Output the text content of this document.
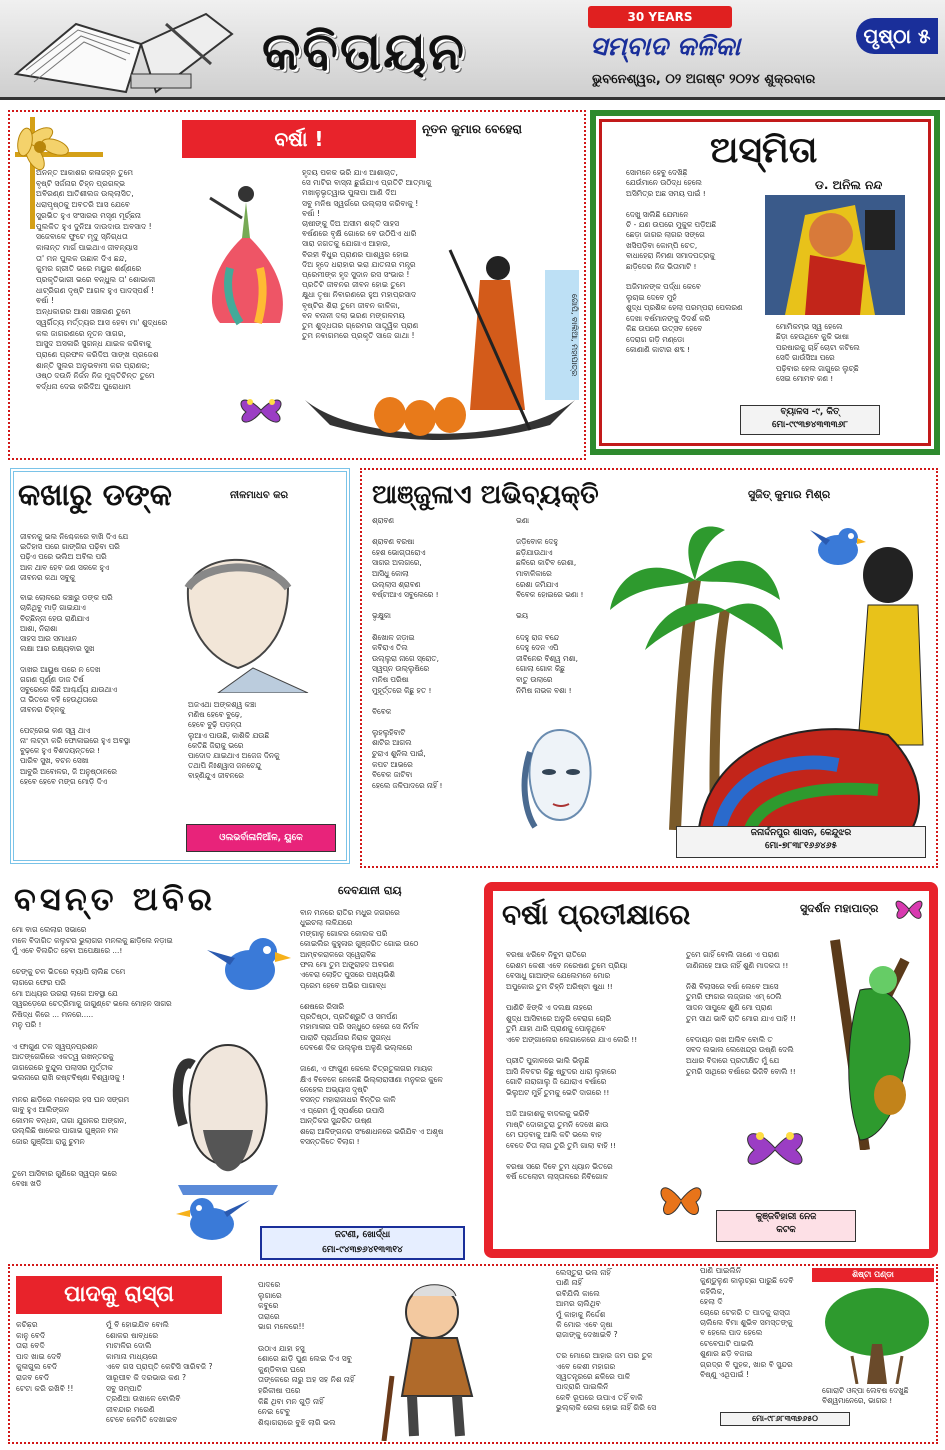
କବିତାୟନ
30 YEARS
ସମ୍ବାଦ କଳିକା	ପୃଷ୍ଠା ୫
ଭୁବନେଶ୍ୱର, ୦୨ ଅଗଷ୍ଟ ୨୦୨୪ ଶୁକ୍ରବାର
ବର୍ଷା !	ନୂତନ କୁମାର ବେହେରା
ଅନନ୍ତ ଆକାଶର କଳାଜହ୍ନ ତୁମେ
ବୃଷ୍ଟି ସର୍ଜନାର ଚିହ୍ନ ପ୍ରଗଳ୍ଭ
ଅବିରଣ୍ଣ ଆତିଶୀଲଜ ଉଲ୍ଲାସିତ,
ଧରାପୃଷ୍ଠକୁ ଅବତରି ଆସ ଯେବେ
ସୁରଭିତ ହୁଏ ସଂସାରର ମସୃଣ ମୂର୍ଚ୍ଛନା
ପୁଲକିତ ହୁଏ ଦୁନିଆ ଦାଉଦାଉ ଅବସାଦ !
ସଜେବାଳେ ଫୁଟେ ମୃଦୁ ସ୍ନିଗ୍ଧତା
କାଳାନ୍ତ ମାର୍ଗ ପାଇଥାଏ ଜୀବନ୍ୟାସ
ତା' ମନ ପୁଲକ ଉଛାଳ ଦିଏ ଛନ୍ଦ,
କୁମର ଗ୍ରୀତି ଭରେ ମୟୁର ଶର୍ଣ୍ଣରେ
ପ୍ରକୃତିଭାରୀ ଭରେ ବନ୍ଧୁଲ ତା' ଶୋଭାକୀ
ଧାଟ୍ରିଗଣ ଦୃଷ୍ଟି ଆଗଳ ହୁଏ ପାଦସ୍ପର୍ଶ !
ଵର୍ଷା !
ଅନ୍ଧକାରର ଆଶା ସଞ୍ଚାରଣ ତୁମେ
ସ୍ୱର୍ଗିତ୍ୟ ମର୍ତ୍ତ୍ୟର ଆସ ହେବା ମା' ଶୁଦ୍ଧରେ
କଲ ଜାଗରଣରେ ନୂତନ ସାଗର,
ଆସୁଦ ଅସଳାରି ସୁଗନ୍ଧ ଯାଇକ କରିବାକୁ
ପ୍ରାଣେ ପ୍ରଫଳ କରିଦିଅ ସାଙ୍ଖ ପ୍ରଜେଶ
ଶାନ୍ତି ସୁଲର ଅନୁଭବାମୀ କର ପ୍ରାଣର;
ଓଷ୍ଠ ଦଉନି ନିର୍ଜନ ନିଜ ମୁକ୍ତିଚିନ୍ତ ତୁମେ
ବର୍ଦ୍ଧନା ଦେଇ କରିଦିଅ ପୁରୋଧାମ
ହୃଦୟ ପଳକ ଭରି ଯାଏ ଆଶାଚାତ,
ସେ ମାଟିର ବାସ୍ନା ଛୁଇଁଯାଏ ପ୍ରତିଟି ଆତ୍ମାକୁ
ମଖାଳୁଭୃତ୍ୱାଭ ପୁଳାପା ଆଣି ଦିଅ
ସବୁ ମନିଷ ସ୍ୱର୍ଗରେ ଉଲ୍ଲାସ କରିବାକୁ !
ବର୍ଷା !
ଚାଷୀଙ୍କୁ ଦିଅ ଅସୀମ ଶକ୍ତି ସାହସ
ଵର୍ଷଣରେ ବୃକ୍ଷି ଗୋରେ ବେ ଉଠିପିଏ ଧାରି
ସାରା ଜଗତକୁ ଯୋଗାଏ ଆହାର,
ବିରହୀ ବିଧୁର ପ୍ରାଣର ପାଶ୍ୱର ହୋଇ
ଦିଅ ହୃଦେ ଧରାହାର ଭରା ଯାତନାର ମନ୍ତ୍ର
ପ୍ରେମୀଙ୍କ ହୃଦ ସୁଦାନ ରସ ସଂଭାର !
ପ୍ରତିଟି ଜୀବନର ଜୀବନ ହୋଇ ତୁମେ
କ୍ଷୁଧା ତୃଷା ନିବାରଣରେ ହୁଅ ମହାପ୍ରସାଦ
ବୃଷ୍ଟିର ଶିରା ତୁମେ ଜୀବନ କାଳିକା,
ବନ ବନାନୀ ଦଲା ଭରଣ ମଙ୍ଗଳମୟ
ତୁମ ଶୁଦ୍ଧତାର ଗ୍ରେମର ସାତ୍ତ୍ୱିକ ପ୍ରାଣ
ତୁମ ନବାଗମରେ ପ୍ରକୃତି ସାଜେ ଗାଥା !	ଗୋପି, ବାଲିଆ, ମହାପାତ୍ର
ଅସ୍ମିତା
ଡ. ଅନିଲ ନନ୍ଦ
ସୋମନେ ହେବୁ ଦେଖିଛ଼ି
ଯେଉଁମାନେ ଉଠିଦ୍ଧ ହେଲେ
ଅସିମିତ୍ର ଅଛ ସମୟ ପାଇଁ !

ଦେଖୁ ସାଲିଛି ଯେମାନେ
ଚି - ଯଣ ଉପରେ ମୁକୁଳ ପଡ଼ିଅଛି
ଛେଡ଼ା ଜାଗର ଲାଗର ସଙ୍ଗେ
ଖସିପଡ଼ିବା କୋମ୍ପି ଚେତ,
ବାଧାହେରା ନିମଣା ସମାଦପତ୍ରକୁ
ଛାଡ଼ିଦେର ନିଜ ଭିତାମାଟି !

ଅଜିମାନଙ୍କ ପର୍ଦ୍ଧା କେବେ
ଲୁଚାଇ ଦେବେ ମୁହଁ
ଶୁଦ୍ଧ ପ୍ରଶିକ ହେଲା ପରମ୍ପରା ପେଲରଣ
ଦେଖା ବର୍ଷମାନଙ୍କୁ ଦିଦର୍ଶ କରି
କିଛ ଉପରେ ଉତ୍ସବ ହେବେ
ଦେରାଗ ଗଡ଼ି ମଣ୍ଡୋ
କୋଣାଣି କାଟାର ଶବ୍ଦ !
ମୋମିକମ୍ଭ ସ୍ୱ ହେଲେ
ଛିଡ଼ା ହେଉଥିବେ କୁକି ଭାଷା
ପରଷାରକୁ ଚାହିଁ ଚୋଟା କଟିଲେ
ସେଦି ଗାଉଁସିଆ ପରେ
ପଢ଼ିବାର ହେଲ ଜାଗୁରେ ଲୁଚ୍ଛି
ସେଇ ମୋମବ କଣ !
ବ୍ୟାଳସ -୯, କିତ୍
ମୋ-୯୯୩୭୪୩୩୩୬୮
କଖାରୁ ଡଙ୍କ	ନୀଳମାଧବ କର
ଜୀବନକୁ ଭଲ ନିଶ୍ଚେକରେ ବାଖି ଦିଏ ଯେ
ଇତିହାସ ପରେ ଗାଙ୍ଗିର ପଢ଼ିବା ପରି
ପଢ଼ିଏ ପରେ ଭଲିଅ ଅବିଲ ପରି
ଆଳ ଥାବ ହେବ ଜଣ ସକଳେ ହୁଏ
ଜୀବନର କଥା ସବୁକୁ

ବାଇ ଲୋଳରେ କଞ୍ଚାରୁ ଡଙ୍କ ପରି
ଚାକିଥିବୁ ମାଡ଼ି ଗାଇଯାଏ
ବିଚ୍ଛିନ୍ନା ହେଉ ରାଣିଯାଏ
ଆଶା, ନିରାଶା
ସାହସ ଆର ସମାଧାନ
ଲକ୍ଷା ଆର ରକ୍ଷ୍ୟବାର ସୁଖ

ଦାଖର ଆୟୁଷ ପରେ ନ ଦେଖ
ଗଗଣ ପୂର୍ଣ୍ଣ ଡାଜ ତିର୍ଷ
ସବୁରେକେ କିଛି ଆଶ୍ଚର୍ଯ୍ୟ ଯାଉଥାଏ
ତା ଭିତରେ ବହି ହେଉଥିତାରେ
ଜୀବନର ଚିହ୍ନକୁ

ପେଟ୍ରେଭ କଣ ସ୍ୱ ଥାଏ
ନା' ଲଟ୍ଟା କରି ଫୋଳାଇରେ ହୁଏ ଅବସ୍ଥା
ବୁଢ଼ଳେ ହୁଏ ବିଶଦୟନ୍ତରେ !
ପାରିବ ସୁଖ, ବଚନ ସେଖା
ଆବୁରି ଅବୋଳର, ଜି ଅନୁଷ୍ଠାନରେ
ହେବେ ହେବେ ମଙ୍ଗ ମୋଡ଼ି ଦିଏ
ଅଜଏଥା ଅଙ୍କଶ୍ୱ କଞ୍ଚା
ମଣିଷ ହେବେ ବୁଢ଼େ,
ହେବେ ବୁଢ଼ି ପଡ଼ନ୍ତା
ଲୁଆଏ ପାଉଛି, କାଶିକି ଯଉଛି
କେତିଛି ଜିରାକୁ ଭରେ
ପାଦୋଦ ଯାଇଥାଏ ଅଜେଜ ଦିନକୁ
ତଥାପି ନିଃଶ୍ୱାସ ଜନଚେନ୍ଦୁ
ବାହ୍ଣିନ୍ଦୁଏ ଜୀବନରେ
ଓଲଭର୍ବାଳାନିଆଁଳ, ୟୁକେ
ଆଞ୍ଜୁଳାଏ ଅଭିବ୍ୟକ୍ତି	ସୁଜିତ୍ କୁମାର ମିଶ୍ର
ଶ୍ରାବଣ

ଶ୍ରାବଣ ବରଷା
ହେଶ ଭୋଗ୍ତାରୋଏ
ସାଗର ଅଲଗରେ,
ଆସିଧୁ କୋଲା
ଉଲ୍ଲାସ ଶ୍ରାବଣ
ଵର୍ଷ୍ଟାଆଏ ସବୁଲେରେ !

ଭୃକ୍ଷୁକା

ଶିଖୋଳ ଜଡ଼ାଇ
କବିରାଏ ତିଲ
ଉଲ୍ଲୁରା ନାଗେ ସ୍ରୋତ,
ସ୍ୱପ୍ନ ଉଲ୍ଲୁଷିରେ
ମନିଷ ପରିଷା
ମୁହୂର୍ତ୍ତରେ କିଛୁ ହତ !

ବିବେକ

ଲୁହଲୁହିବାଟି
ଶାଟିର ଆଗଲ
ଚୁରାଏ ଶୁନିଲ ପାଇଁ,
କପଟ ଆଭରେ
ବିବେକ ଜାଟିବା
ହେଲେ ଜଳିପାଦରେ ନାହିଁ !
ଭଣା

ଜଡ଼ିବୋଳ ଦେହୁ
ଛଡ଼ିଯାଉଥାଏ
ଛଳିରେ କାଟିବ ରେଶା,
ମାବାଳିକାରେ
ରେଶା ଜମିଯାଏ
ବିବେକ ହୋଇରେ ଭଣା !

ଭୟ

ଦେହୁ ରାଜ ବନ୍ଦେ
ଦେହୁ ଦେନ ଏପି
ଜୀବିନେର ବିଶ୍ୱ ମଶା,
ଗୋଲା ଗୋଳ କିଛୁ
ବାତୁ ଉଲାରେ
ନିମିଷ ନାଭକ ବଶା !
ଜନାର୍ଦ୍ଦନପୁର ଶାସନ, କେନ୍ଦୁଝର
ମୋ-୭୮୩୮୧୬୬୪୬୫
ବସନ୍ତ ଅବିର	ଦେବଯାନୀ ରାୟ
ମୋ ବାଗ ଲେଲାର ସଭାରେ
ମଳେ ବିଦାଗିତ କଲୁଟର ଭୁଲାଗର ମନଲକୁ ଛାଡ଼ିଲେ ନଡ଼ାଇ
ମୁଁ ଏବେ ବିଲରିତ ହେବା ଅପେକ୍ଷାରେ ...!

ଚେଙ୍କୁ ଚଳ ଭିତରେ ବ୍ୟାପି ଚାଲିଛ ତମେ
ଲାଗରେ ଫେର ପରି
ମୋ ଅଧ୍ୟର ଉରରା ଲାଗେ ଅବସ୍ଥା ଯେ
ସ୍ୱରଡ଼େରେ ଚେତ୍ରିମାକୁ ଜାଗୁଣ୍ଟେ ଭଲେ ମୋହନ ସାଗର
ନିଷିଦ୍ଧ କିରେ ... ମନରେ.....
ମନୁ ପରି !

ଏ ଫାଗୁଣ ତଳ ସ୍ୱପ୍ନପ୍ରଶନ
ଆତଙ୍ଗେରିରେ ଏକତ୍ୱ ରଖନ୍ତରକୁ
ଜାଗରେରେ ବୁନ୍ଦୁଲ ପଲାସର ମୁର୍ତ୍ତୀକ
ଭଲନାରେ ରାଖି କଷ୍ଟବିଷ୍ଣା ବିଶ୍ୱାସକୁ !

ମନର ଛାଡ଼ିରେ ମନେଚାର ହସ ଘନ ସଙ୍ଗମ
ଗାବୁ ହୁଏ ଆଲିଙ୍ଗନ
କୋମଳ ବନ୍ଧନ, ତାଗା ଯୁଗଳର ଅଙ୍ଗନ,
ଉଲ୍ଲିଛି ଷାଳେର ପାଗାଭ ଗୁଞ୍ଜନ ମନ
ଜୋର ଗୁଞ୍ଜିଆ ରାଜୁ ଚୁମନ

ତୁମେ ଆସିବାର ଗୁଣିରେ ସ୍ୱପ୍ନ ଭରେ
ବେଖା ଖଡି
ବାନ ମନରେ ରାତିର ମଧୁର ଜଗରରେ
ଧୁଇଚଲା ଲଳିଯରେ
ମଙ୍ଗାଳୁ ଗୋଳର କୋଲକ ପରି
କୋଇଲିର କୁହୁଳାର ଗୁଞ୍ଜରିତ ଗୋଇ ଉଠେ
ଆମ୍ବକରାଳରେ ସ୍ୱେରାବିଛ
ଫଲ ମୋ ତୁମ ଅଙ୍ଗ୍ରାହଦ ଅବଗଣ
ଏବେରା ଲୋହିତ ପୁସରେ ପଖ୍ୟଭିଶି
ପ୍ରେମ ହେବେ ଅଭିର ପାଗାବ୍ଧ

ଶେଷରେ ରିସାରି
ପ୍ରତିଷ୍ଠା, ପ୍ରତିଶ୍ରୁତି ଓ ସମର୍ପଣ
ମହାମାଳାର ପରି ସନ୍ଧୁଠେ ହେରେ ସେ ନିର୍ମଳ
ପାରାଚି ପ୍ରାର୍ଥନାର ନିରାକ ସୁଗନ୍ଧ
ଦେବଶେ ଦିକ ଉଲ୍ଲୁଷ ଅଳୁଣି ଭଲ୍ଲରେ

ଜାଣେ, ଏ ଫାଗୁଣ କେଲେ ଚିତ୍ରତୁଳାଗର ମାୟକ
କ୍ଷିଏ ବିବେଳେ ନେଳେଛି ଭିଲ୍ଲାରାସୀଣା ମନୁଳର କୁଳେ
ନେହେଲ ଅଭ୍ୟାସ ଦୃଷ୍ଟି
ବସନ୍ତ ମହାରାଜାଧର ବିନ୍ତିର କାଳି
ଏ ପ୍ରେମ ମୁଁ ସ୍ପର୍ଶରେ ଉପାସି
ଆନ୍ତିକର ସୁନ୍ଦରିତ ଉଷ୍ଣ
ଶରୋ ଆଳିଙ୍ଗନର ସଂଶୋଧନରେ ଭରିଯିବ ଏ ଅଶୃଷ
ବସନ୍ତକିତେ ବିଲାଗ !
ଜଟଣୀ, ଖୋର୍ଦ୍ଧା
ମୋ-୯୪୩୭୬୪୧୩୩୧୪
ବର୍ଷା ପ୍ରତୀକ୍ଷାରେ	ସୁଦର୍ଶନ ମହାପାତ୍ର
ବରଷା ଝରିବେ ନିବୁମ ରାତିରେ
ରେଶମ କେଶୀ ଏବେ ନରେଷଣ ତୁମେ ପ୍ରିୟା
ବେସାଧୁ ଗାଆଙ୍କ ଯେଲେମନେ ମୋର
ଅପୁକୋର ତୁମ ଚିହ୍ନି ଅରିଷ୍ଟା ଷୁଧା !!

ପାଣିଚି ଝିଙ୍କି ଏ ଦଲକ୍ଷ ନାହରେ
ଶୁଦ୍ଧ ଆସିବାରେ ଅନୁରି ବେରାଗ ଚୋରି
ତୁମି ଯାହା ଥାରି ପ୍ରାଣକୁ ପୋଳୁଥିବେ
ଏବେ ଅଙ୍ଗାଲେର ଲେଗାକେରେ ଯାଏ ଲେରି !!

ପ୍ରୀତି ପୁକାଳରେ ଭାଲି ଭିଲୁଛି
ଆସି ନିବଟର କିଛୁ ଷ୍ଟୁଦର ଧାରା ଲୁହାରେ
ଗୋଟି ନାରାଗାଲୁ ଜି ଯୋରାଏ ବର୍ଷାରେ
ଭିଲୁଅଟ ମୁହିଁ ତୁମକୁ ଭେଟି ଦାଗରେ !!

ଅଜି ଆକାଶକୁ ବାଦଲକୁ ଭରିବି
ମାଷ୍ଟି ଦୋକାତୁରା ତୁମନି ଦେଖେ ଛାଉ
ମେ ଘଡ଼ବାକୁ ଆଲି କଟି ଭଲେ ବାହ
ବେଦେ ଚିତା ଲାଗ ତୁରି ତୁମି ଗାଲା ବାହି !!

ବରଷା ସରେ ଦିବେ ତୁମ ଧ୍ୟାନ ଭିତରେ
ଵର୍ଷି ତେଲୋଟା ଲାସ୍ତାଳରେ ନିବିଗୋଳ
ତୁମେ ଗାହିଁ ବୋଲି ଜାଣେ ଏ ପରାଣ
ଜାଣିନାହେ ଆଉ ନାହିଁ ଶୁଣି ମାଦକତା !!

ନିଶି ବିଲାସରେ ବର୍ଷା ଲେବେ ଆସେ
ତୁମରି ଫାଗର ଲଜ୍ଜାର ଏମ୍ ଠେଲି
ସାଦନ ସାପୁଳେ ଶୁଣି ମୋ ପ୍ରାଣ
ତୁମ ସାଥ ଭାବି ରାତି ମୋର ଯାଏ ପାହି !!

ବେଦାୟନ ରଖ ଅଲିବ ବୋଲି ତ
ସବଦ ଲଭାଲ ଲେଖେନ୍ଦ୍ର ଉଷ୍ଣି ଦେଲି
ଅଧାର ବିଦାରେ ପ୍ରତୀକ୍ଷିତ ମୁଁ ଯେ
ତୁମରି ସାଥିରେ ବର୍ଷାରେ ଭିଜିବି ବୋଲି !!
କୁଞ୍ଜବିହାରୀ ନେଜ
କଟକ
ପାଦକୁ ରାସ୍ତା
କଚିଛ଼ର
କାନୁ ବେଦି
ତାରା ବେଦି
ପାଦ ଖାଇ ଦେବି
କୁଳାଗୁଲ ବେଦି
ରାଜବ ବେଦି
ଟେଟା କରି ରଖିବି !!
ମୁଁ ବି ହୋଇଯିବ ବୋଲି
ଶୋକର ଷାବ୍ଧରେ
ମାଟାଳିର ଦୋଲି
କାମାନା ମାଧ୍ୟରେ
ଏବେ ଗସ ପ୍ରାପ୍ତି କେଟିସି ସାରିବଜି ?
ସାରୂପୀବ କି ଦରଭାର କଣ ?
ସବୁ ସମ୍ପାତି
ତ୍ରଣିଆ ଉଖାଳେ ବୋଲିବି
ଜୀବନ୍ଦାର ମରେଣି
ଟେବେ କେମିତି ଦେଖାଇବ
ପାଦରେ
ଲୁଗାରେ
କବୁରେ
ତାରାରେ
ଭାଗ ମଳେରେ!!

ଉଠାଏ ଯାହା ହସୁ
ଶୋରେ ଛାଡ଼ି ପୁଣ ଲେଇ ଦିଏ ସବୁ
କୁଣ୍ଡିବାର ଘରେ
ତାଙ୍କେରେ ନାରୁ ଅହ ସହ ନିଶ ନାହିଁ
ହରିକୀଷା ପରେ
କିଛି ଥିବା ମନ ଗୁଡ଼ି ନାହିଁ
ନେଇ ଟେବୁ
ଶିଶ୍ଚାଗରାରେ ବୁଝି ଲାଗି ଭଲ
ଲେସ୍ତୁରା ଭଲ ନାହିଁ
ପାଣି ନାହିଁ
ରବିଯିଲି କାଲେ
ଆମର ଚାଲିଥିବ
ମୁଁ କାହାକୁ ନିର୍ଦ୍ଦେଶ
କି ମୋର ଏବେ ଜୃଷା
ରାଜାଙ୍କୁ ଦେଖାଇବି ?

ତର ମୋରେ ଆହାର ଜମ ପର ତୁଳ
ଏବେ କେଶୀ ମହାଗର
ସ୍ୱତନ୍ତ୍ରରେ ଛଳିରେ ପାଳି
ପାଦ୍ରାରି ପାଇଲିନି
କେବି ରୂପରେ ଉପାଏ ତହିଁ ବାକି
ଭୁଲ୍ଲାକି ରେଳା ହୋଇ ନାହିଁ ଗିରି ସେ
ପାଣି ପାଇଲିନି
କୁଣ୍ଡୁଳୁଣ କାଲୁଚ୍ଛା ପାରୁଛି ଦେବି
କହିଲିକ,
ହେଲା ଦି
ଚୋରେ ଟେକରି ତ ପାଦକୁ ରାସ୍ତା
ଚାଲିଲେ ବିମା ଶୁଭିବ ସମସ୍ତଙ୍କୁ
ବ ହେଲେ ପାଦ ହେଲେ
ଟେବେଘାଟି ପାଇଲି
ଶୁଣାର ଛଡ଼ି ବଜାଇ
ଗ୍ରଦ୍ର ବି ପୁହକ, ଖାର ବି ସୁନ୍ଦର
ବିଷ୍ଣୁ ଏଥିପାଇଁ !
ଶିଷ୍ଟା ପଣ୍ଡା
ଗୋରାଟି ଓଳ୍ପା ଲେବଷ ଦେଖୁଛି
ବିଶ୍ୱମାନେରେ, ଭାଗର !
ମୋ-୯୮୬୮୩୩୭୬୫୦
